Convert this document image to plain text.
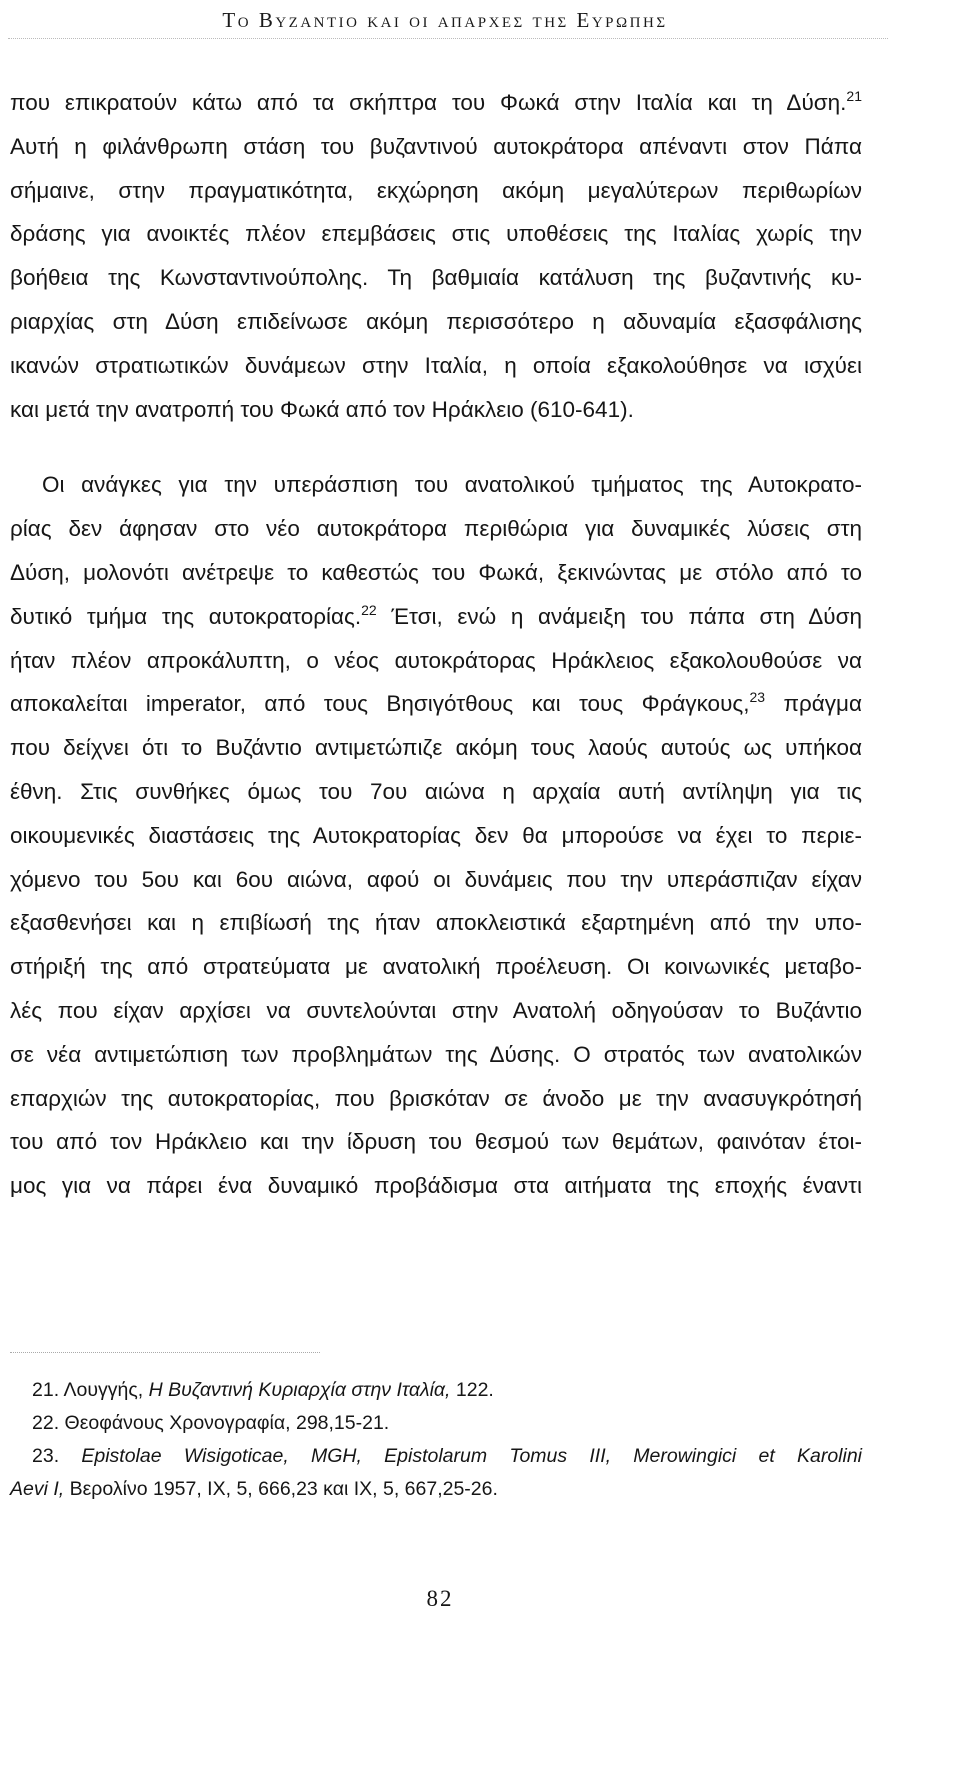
Το Βυζαντιο και οι απαρχες της Ευρωπης
που επικρατούν κάτω από τα σκήπτρα του Φωκά στην Ιταλία και τη Δύση.$^{21}$
Αυτή η φιλάνθρωπη στάση του βυζαντινού αυτοκράτορα απέναντι στον Πάπα
σήμαινε, στην πραγματικότητα, εκχώρηση ακόμη μεγαλύτερων περιθωρίων
δράσης για ανοικτές πλέον επεμβάσεις στις υποθέσεις της Ιταλίας χωρίς την
βοήθεια της Κωνσταντινούπολης. Τη βαθμιαία κατάλυση της βυζαντινής κυ-
ριαρχίας στη Δύση επιδείνωσε ακόμη περισσότερο η αδυναμία εξασφάλισης
ικανών στρατιωτικών δυνάμεων στην Ιταλία, η οποία εξακολούθησε να ισχύει
και μετά την ανατροπή του Φωκά από τον Ηράκλειο (610-641).
Οι ανάγκες για την υπεράσπιση του ανατολικού τμήματος της Αυτοκρατο-
ρίας δεν άφησαν στο νέο αυτοκράτορα περιθώρια για δυναμικές λύσεις στη
Δύση, μολονότι ανέτρεψε το καθεστώς του Φωκά, ξεκινώντας με στόλο από το
δυτικό τμήμα της αυτοκρατορίας.$^{22}$ Έτσι, ενώ η ανάμειξη του πάπα στη Δύση
ήταν πλέον απροκάλυπτη, ο νέος αυτοκράτορας Ηράκλειος εξακολουθούσε να
αποκαλείται imperator, από τους Βησιγότθους και τους Φράγκους,$^{23}$ πράγμα
που δείχνει ότι το Βυζάντιο αντιμετώπιζε ακόμη τους λαούς αυτούς ως υπήκοα
έθνη. Στις συνθήκες όμως του 7ου αιώνα η αρχαία αυτή αντίληψη για τις
οικουμενικές διαστάσεις της Αυτοκρατορίας δεν θα μπορούσε να έχει το περιε-
χόμενο του 5ου και 6ου αιώνα, αφού οι δυνάμεις που την υπεράσπιζαν είχαν
εξασθενήσει και η επιβίωσή της ήταν αποκλειστικά εξαρτημένη από την υπο-
στήριξή της από στρατεύματα με ανατολική προέλευση. Οι κοινωνικές μεταβο-
λές που είχαν αρχίσει να συντελούνται στην Ανατολή οδηγούσαν το Βυζάντιο
σε νέα αντιμετώπιση των προβλημάτων της Δύσης. Ο στρατός των ανατολικών
επαρχιών της αυτοκρατορίας, που βρισκόταν σε άνοδο με την ανασυγκρότησή
του από τον Ηράκλειο και την ίδρυση του θεσμού των θεμάτων, φαινόταν έτοι-
μος για να πάρει ένα δυναμικό προβάδισμα στα αιτήματα της εποχής έναντι
21. Λουγγής, Η Βυζαντινή Κυριαρχία στην Ιταλία, 122.
22. Θεοφάνους Χρονογραφία, 298,15-21.
23. Epistolae Wisigoticae, MGH, Epistolarum Tomus III, Merowingici et Karolini
Aevi I, Βερολίνο 1957, IX, 5, 666,23 και IX, 5, 667,25-26.
82
